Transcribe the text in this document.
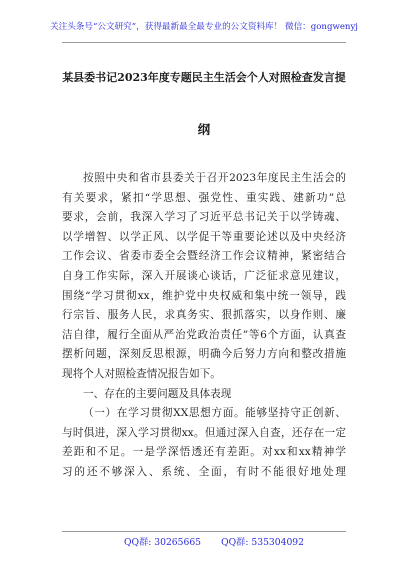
关注头条号“公文研究”，获得最新最全最专业的公文资料库！ 微信：gongwenyj
某县委书记2023年度专题民主生活会个人对照检查发言提
纲
按照中央和省市县委关于召开2023年度民主生活会的
有关要求，紧扣“学思想、强党性、重实践、建新功”总
要求，会前，我深入学习了习近平总书记关于以学铸魂、
以学增智、以学正风、以学促干等重要论述以及中央经济
工作会议、省委市委全会暨经济工作会议精神，紧密结合
自身工作实际，深入开展谈心谈话，广泛征求意见建议，
围绕“学习贯彻xx，维护党中央权威和集中统一领导，践
行宗旨、服务人民，求真务实、狠抓落实，以身作则、廉
洁自律，履行全面从严治党政治责任”等6个方面，认真查
摆析问题，深刻反思根源，明确今后努力方向和整改措施
现将个人对照检查情况报告如下。
一、存在的主要问题及具体表现
（一）在学习贯彻XX思想方面。能够坚持守正创新、
与时俱进，深入学习贯彻xx。但通过深入自查，还存在一定
差距和不足。一是学深悟透还有差距。对xx和xx精神学
习的还不够深入、系统、全面，有时不能很好地处理
QQ群: 30265665 QQ群: 535304092
